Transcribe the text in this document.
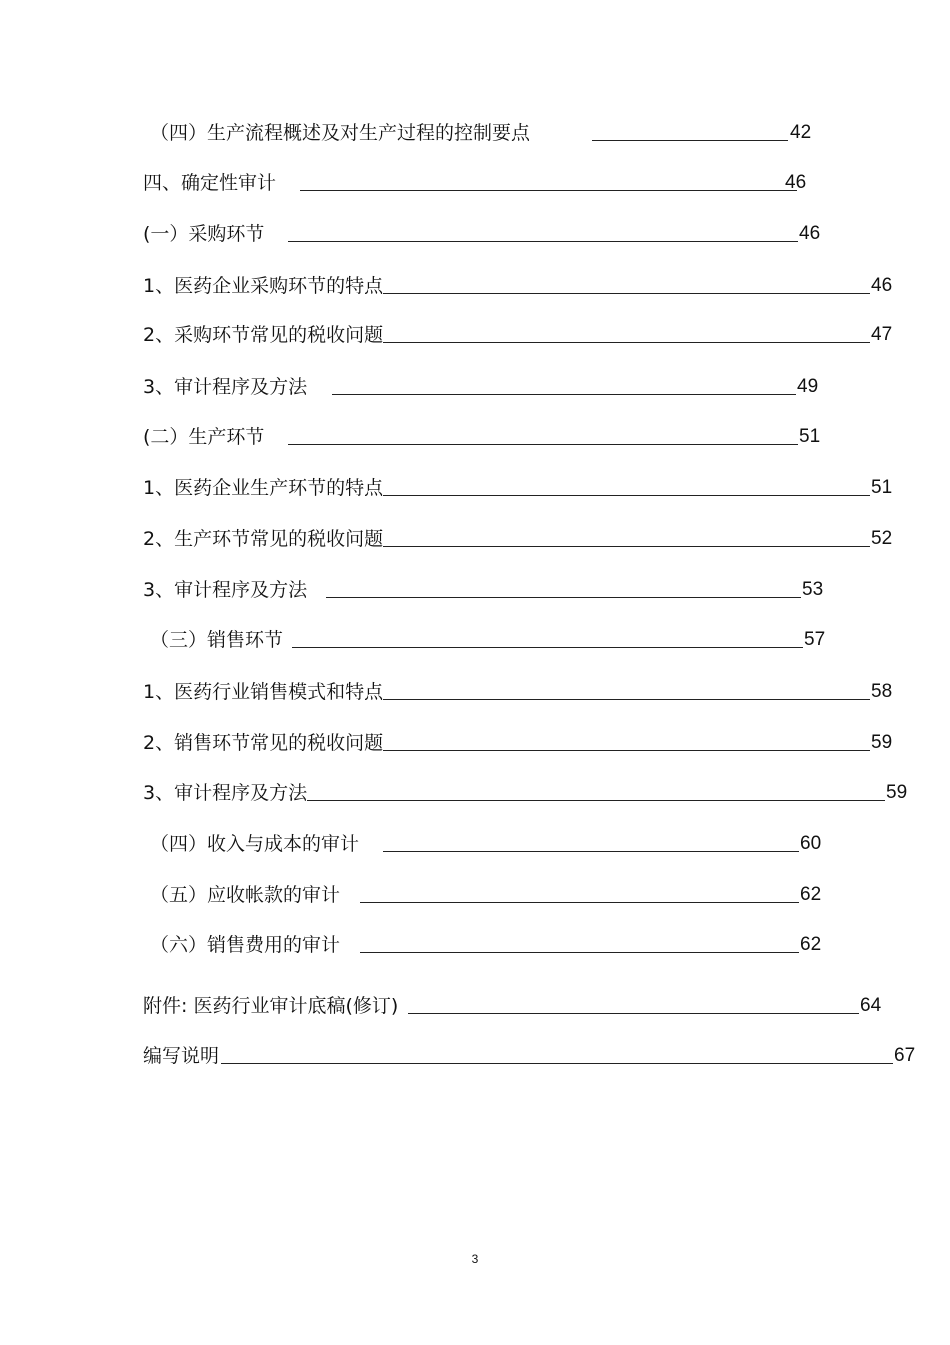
（四）生产流程概述及对生产过程的控制要点	42
四、确定性审计	46
(一）采购环节	46
1、医药企业采购环节的特点	46
2、采购环节常见的税收问题	47
3、审计程序及方法	49
(二）生产环节	51
1、医药企业生产环节的特点	51
2、生产环节常见的税收问题	52
3、审计程序及方法	53
（三）销售环节	57
1、医药行业销售模式和特点	58
2、销售环节常见的税收问题	59
3、审计程序及方法	59
（四）收入与成本的审计	60
（五）应收帐款的审计	62
（六）销售费用的审计	62
附件: 医药行业审计底稿(修订)	64
编写说明	67
3
